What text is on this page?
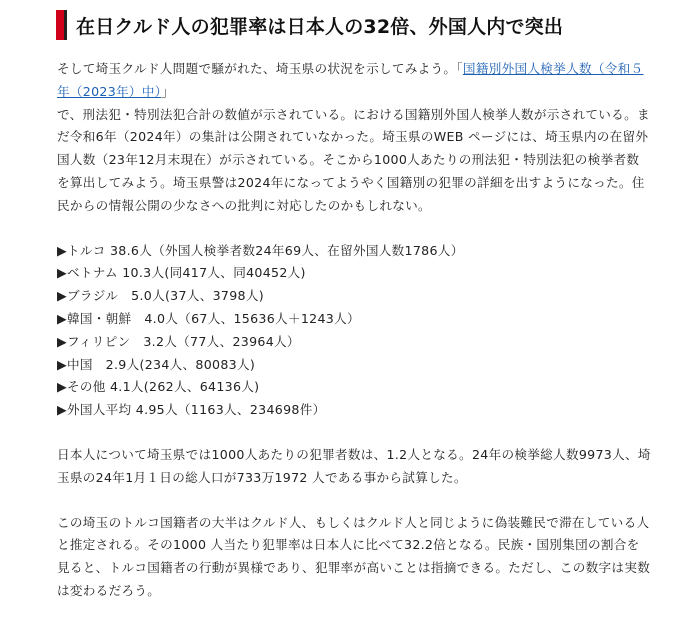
在日クルド人の犯罪率は日本人の32倍、外国人内で突出

そして埼玉クルド人問題で騒がれた、埼玉県の状況を示してみよう。「国籍別外国人検挙人数（令和５年（2023年）中）」
で、刑法犯・特別法犯合計の数値が示されている。における国籍別外国人検挙人数が示されている。まだ令和6年（2024年）の集計は公開されていなかった。埼玉県のWEB ページには、埼玉県内の在留外国人数（23年12月末現在）が示されている。そこから1000人あたりの刑法犯・特別法犯の検挙者数を算出してみよう。埼玉県警は2024年になってようやく国籍別の犯罪の詳細を出すようになった。住民からの情報公開の少なさへの批判に対応したのかもしれない。

▶トルコ 38.6人（外国人検挙者数24年69人、在留外国人数1786人）
▶ベトナム 10.3人(同417人、同40452人)
▶ブラジル　5.0人(37人、3798人)
▶韓国・朝鮮　4.0人（67人、15636人＋1243人）
▶フィリピン　3.2人（77人、23964人）
▶中国　2.9人(234人、80083人)
▶その他 4.1人(262人、64136人)
▶外国人平均 4.95人（1163人、234698件）

日本人について埼玉県では1000人あたりの犯罪者数は、1.2人となる。24年の検挙総人数9973人、埼玉県の24年1月１日の総人口が733万1972 人である事から試算した。

この埼玉のトルコ国籍者の大半はクルド人、もしくはクルド人と同じように偽装難民で滞在している人と推定される。その1000 人当たり犯罪率は日本人に比べて32.2倍となる。民族・国別集団の割合を見ると、トルコ国籍者の行動が異様であり、犯罪率が高いことは指摘できる。ただし、この数字は実数は変わるだろう。
